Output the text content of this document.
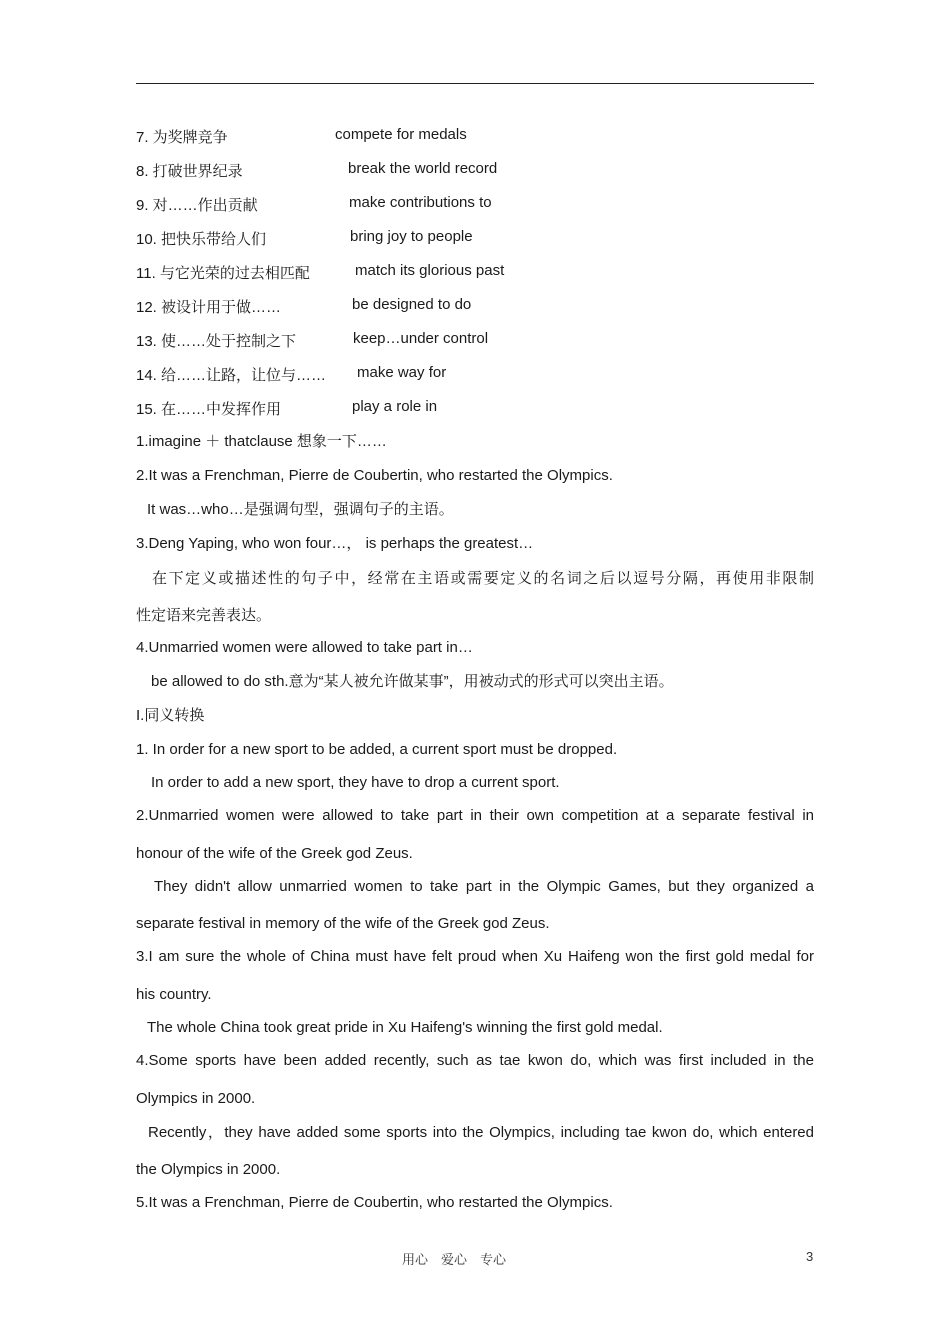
7. 为奖牌竞争	compete for medals
8. 打破世界纪录	break the world record
9. 对……作出贡献	make contributions to
10. 把快乐带给人们	bring joy to people
11. 与它光荣的过去相匹配	match its glorious past
12. 被设计用于做……	be designed to do
13. 使……处于控制之下	keep…under control
14. 给……让路，让位与…… make way for
15. 在……中发挥作用	play a role in
1.imagine ＋ thatclause 想象一下……
2.It was a Frenchman, Pierre de Coubertin, who restarted the Olympics.
It was…who…是强调句型，强调句子的主语。
3.Deng Yaping, who won four…， is perhaps the greatest…
在下定义或描述性的句子中，经常在主语或需要定义的名词之后以逗号分隔，再使用非限制
性定语来完善表达。
4.Unmarried women were allowed to take part in…
be allowed to do sth.意为“某人被允许做某事”，用被动式的形式可以突出主语。
I.同义转换
1. In order for a new sport to be added, a current sport must be dropped.
In order to add a new sport, they have to drop a current sport.
2.Unmarried women were allowed to take part in their own competition at a separate festival in
honour of the wife of the Greek god Zeus.
They didn't allow unmarried women to take part in the Olympic Games, but they organized a
separate festival in memory of the wife of the Greek god Zeus.
3.I am sure the whole of China must have felt proud when Xu Haifeng won the first gold medal for
his country.
The whole China took great pride in Xu Haifeng's winning the first gold medal.
4.Some sports have been added recently, such as tae kwon do, which was first included in the
Olympics in 2000.
Recently，they have added some sports into the Olympics, including tae kwon do, which entered
the Olympics in 2000.
5.It was a Frenchman, Pierre de Coubertin, who restarted the Olympics.
用心　爱心　专心	3
